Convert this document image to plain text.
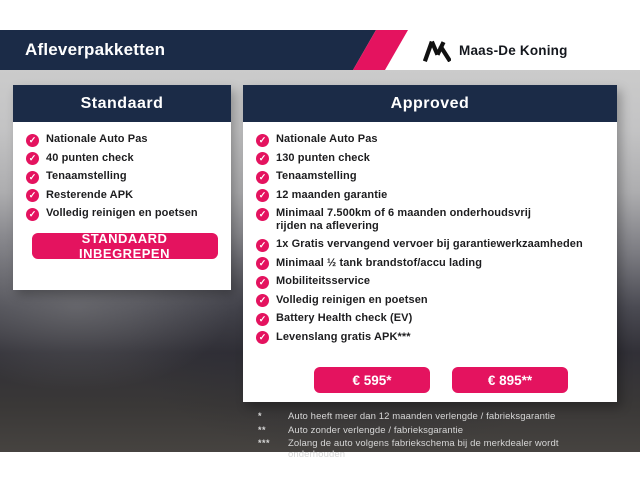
Afleverpakketten	Maas-De Koning
Standaard
✓ Nationale Auto Pas
✓ 40 punten check
✓ Tenaamstelling
✓ Resterende APK
✓ Volledig reinigen en poetsen
STANDAARD INBEGREPEN
Approved
✓ Nationale Auto Pas
✓ 130 punten check
✓ Tenaamstelling
✓ 12 maanden garantie
✓ Minimaal 7.500km of 6 maanden onderhoudsvrij rijden na aflevering
✓ 1x Gratis vervangend vervoer bij garantiewerkzaamheden
✓ Minimaal ½ tank brandstof/accu lading
✓ Mobiliteitsservice
✓ Volledig reinigen en poetsen
✓ Battery Health check (EV)
✓ Levenslang gratis APK***
€ 595*	€ 895**
*	Auto heeft meer dan 12 maanden verlengde / fabrieksgarantie
**	Auto zonder verlengde / fabrieksgarantie
***	Zolang de auto volgens fabriekschema bij de merkdealer wordt onderhouden
